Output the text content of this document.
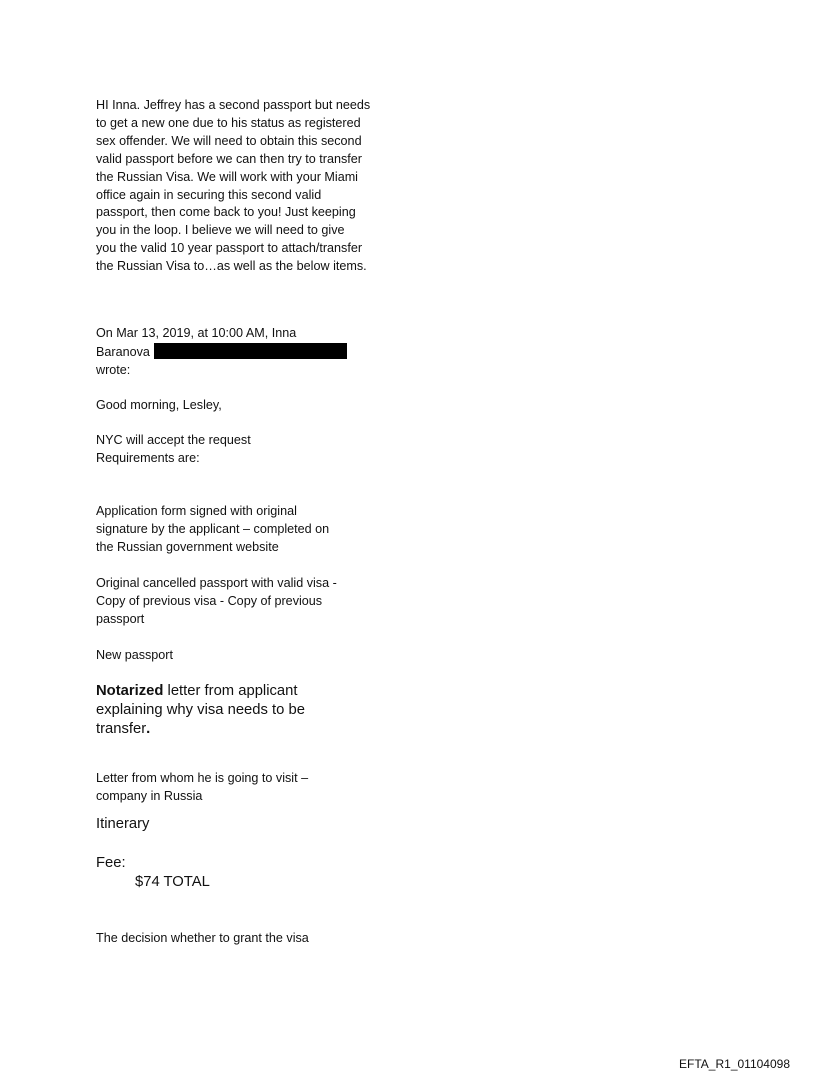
HI Inna. Jeffrey has a second passport but needs
to get a new one due to his status as registered
sex offender. We will need to obtain this second
valid passport before we can then try to transfer
the Russian Visa. We will work with your Miami
office again in securing this second valid
passport, then come back to you! Just keeping
you in the loop. I believe we will need to give
you the valid 10 year passport to attach/transfer
the Russian Visa to…as well as the below items.

On Mar 13, 2019, at 10:00 AM, Inna
Baranova
wrote:

Good morning, Lesley,

NYC will accept the request
Requirements are:

Application form signed with original
signature by the applicant – completed on
the Russian government website

Original cancelled passport with valid visa -
Copy of previous visa - Copy of previous
passport

New passport

Notarized letter from applicant
explaining why visa needs to be
transfer.

Letter from whom he is going to visit –
company in Russia

Itinerary

Fee:
$74 TOTAL

The decision whether to grant the visa

EFTA_R1_01104098
